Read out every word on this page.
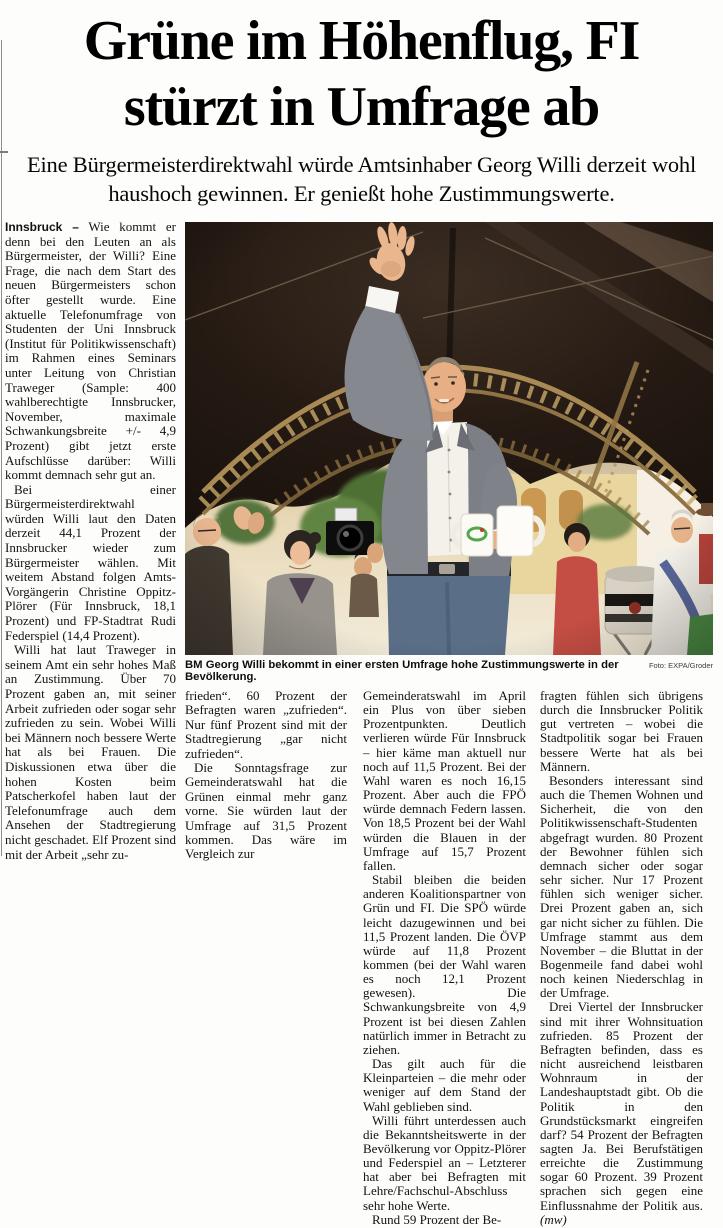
Grüne im Höhenflug, FI stürzt in Umfrage ab

Eine Bürgermeisterdirektwahl würde Amtsinhaber Georg Willi derzeit wohl haushoch gewinnen. Er genießt hohe Zustimmungswerte.

Innsbruck – Wie kommt er denn bei den Leuten an als Bürgermeister, der Willi? Eine Frage, die nach dem Start des neuen Bürgermeisters schon öfter gestellt wurde. Eine aktuelle Telefonumfrage von Studenten der Uni Innsbruck (Institut für Politikwissenschaft) im Rahmen eines Seminars unter Leitung von Christian Traweger (Sample: 400 wahlberechtigte Innsbrucker, November, maximale Schwankungsbreite +/- 4,9 Prozent) gibt jetzt erste Aufschlüsse darüber: Willi kommt demnach sehr gut an.

Bei einer Bürgermeisterdirektwahl würden Willi laut den Daten derzeit 44,1 Prozent der Innsbrucker wieder zum Bürgermeister wählen. Mit weitem Abstand folgen Amts-Vorgängerin Christine Oppitz-Plörer (Für Innsbruck, 18,1 Prozent) und FP-Stadtrat Rudi Federspiel (14,4 Prozent).

Willi hat laut Traweger in seinem Amt ein sehr hohes Maß an Zustimmung. Über 70 Prozent gaben an, mit seiner Arbeit zufrieden oder sogar sehr zufrieden zu sein. Wobei Willi bei Männern noch bessere Werte hat als bei Frauen. Die Diskussionen etwa über die hohen Kosten beim Patscherkofel haben laut der Telefonumfrage auch dem Ansehen der Stadtregierung nicht geschadet. Elf Prozent sind mit der Arbeit „sehr zu-

BM Georg Willi bekommt in einer ersten Umfrage hohe Zustimmungswerte in der Bevölkerung.
Foto: EXPA/Groder

frieden“. 60 Prozent der Befragten waren „zufrieden“. Nur fünf Prozent sind mit der Stadtregierung „gar nicht zufrieden“.

Die Sonntagsfrage zur Gemeinderatswahl hat die Grünen einmal mehr ganz vorne. Sie würden laut der Umfrage auf 31,5 Prozent kommen. Das wäre im Vergleich zur

Gemeinderatswahl im April ein Plus von über sieben Prozentpunkten. Deutlich verlieren würde Für Innsbruck – hier käme man aktuell nur noch auf 11,5 Prozent. Bei der Wahl waren es noch 16,15 Prozent. Aber auch die FPÖ würde demnach Federn lassen. Von 18,5 Prozent bei der Wahl würden die Blauen in der Umfrage auf 15,7 Prozent fallen.

Stabil bleiben die beiden anderen Koalitionspartner von Grün und FI. Die SPÖ würde leicht dazugewinnen und bei 11,5 Prozent landen. Die ÖVP würde auf 11,8 Prozent kommen (bei der Wahl waren es noch 12,1 Prozent gewesen). Die Schwankungsbreite von 4,9 Prozent ist bei diesen Zahlen natürlich immer in Betracht zu ziehen.

Das gilt auch für die Kleinparteien – die mehr oder weniger auf dem Stand der Wahl geblieben sind.

Willi führt unterdessen auch die Bekanntsheitswerte in der Bevölkerung vor Oppitz-Plörer und Federspiel an – Letzterer hat aber bei Befragten mit Lehre/Fachschul-Abschluss sehr hohe Werte.

Rund 59 Prozent der Be-

fragten fühlen sich übrigens durch die Innsbrucker Politik gut vertreten – wobei die Stadtpolitik sogar bei Frauen bessere Werte hat als bei Männern.

Besonders interessant sind auch die Themen Wohnen und Sicherheit, die von den Politikwissenschaft-Studenten abgefragt wurden. 80 Prozent der Bewohner fühlen sich demnach sicher oder sogar sehr sicher. Nur 17 Prozent fühlen sich weniger sicher. Drei Prozent gaben an, sich gar nicht sicher zu fühlen. Die Umfrage stammt aus dem November – die Bluttat in der Bogenmeile fand dabei wohl noch keinen Niederschlag in der Umfrage.

Drei Viertel der Innsbrucker sind mit ihrer Wohnsituation zufrieden. 85 Prozent der Befragten befinden, dass es nicht ausreichend leistbaren Wohnraum in der Landeshauptstadt gibt. Ob die Politik in den Grundstücksmarkt eingreifen darf? 54 Prozent der Befragten sagten Ja. Bei Berufstätigen erreichte die Zustimmung sogar 60 Prozent. 39 Prozent sprachen sich gegen eine Einflussnahme der Politik aus. (mw)
